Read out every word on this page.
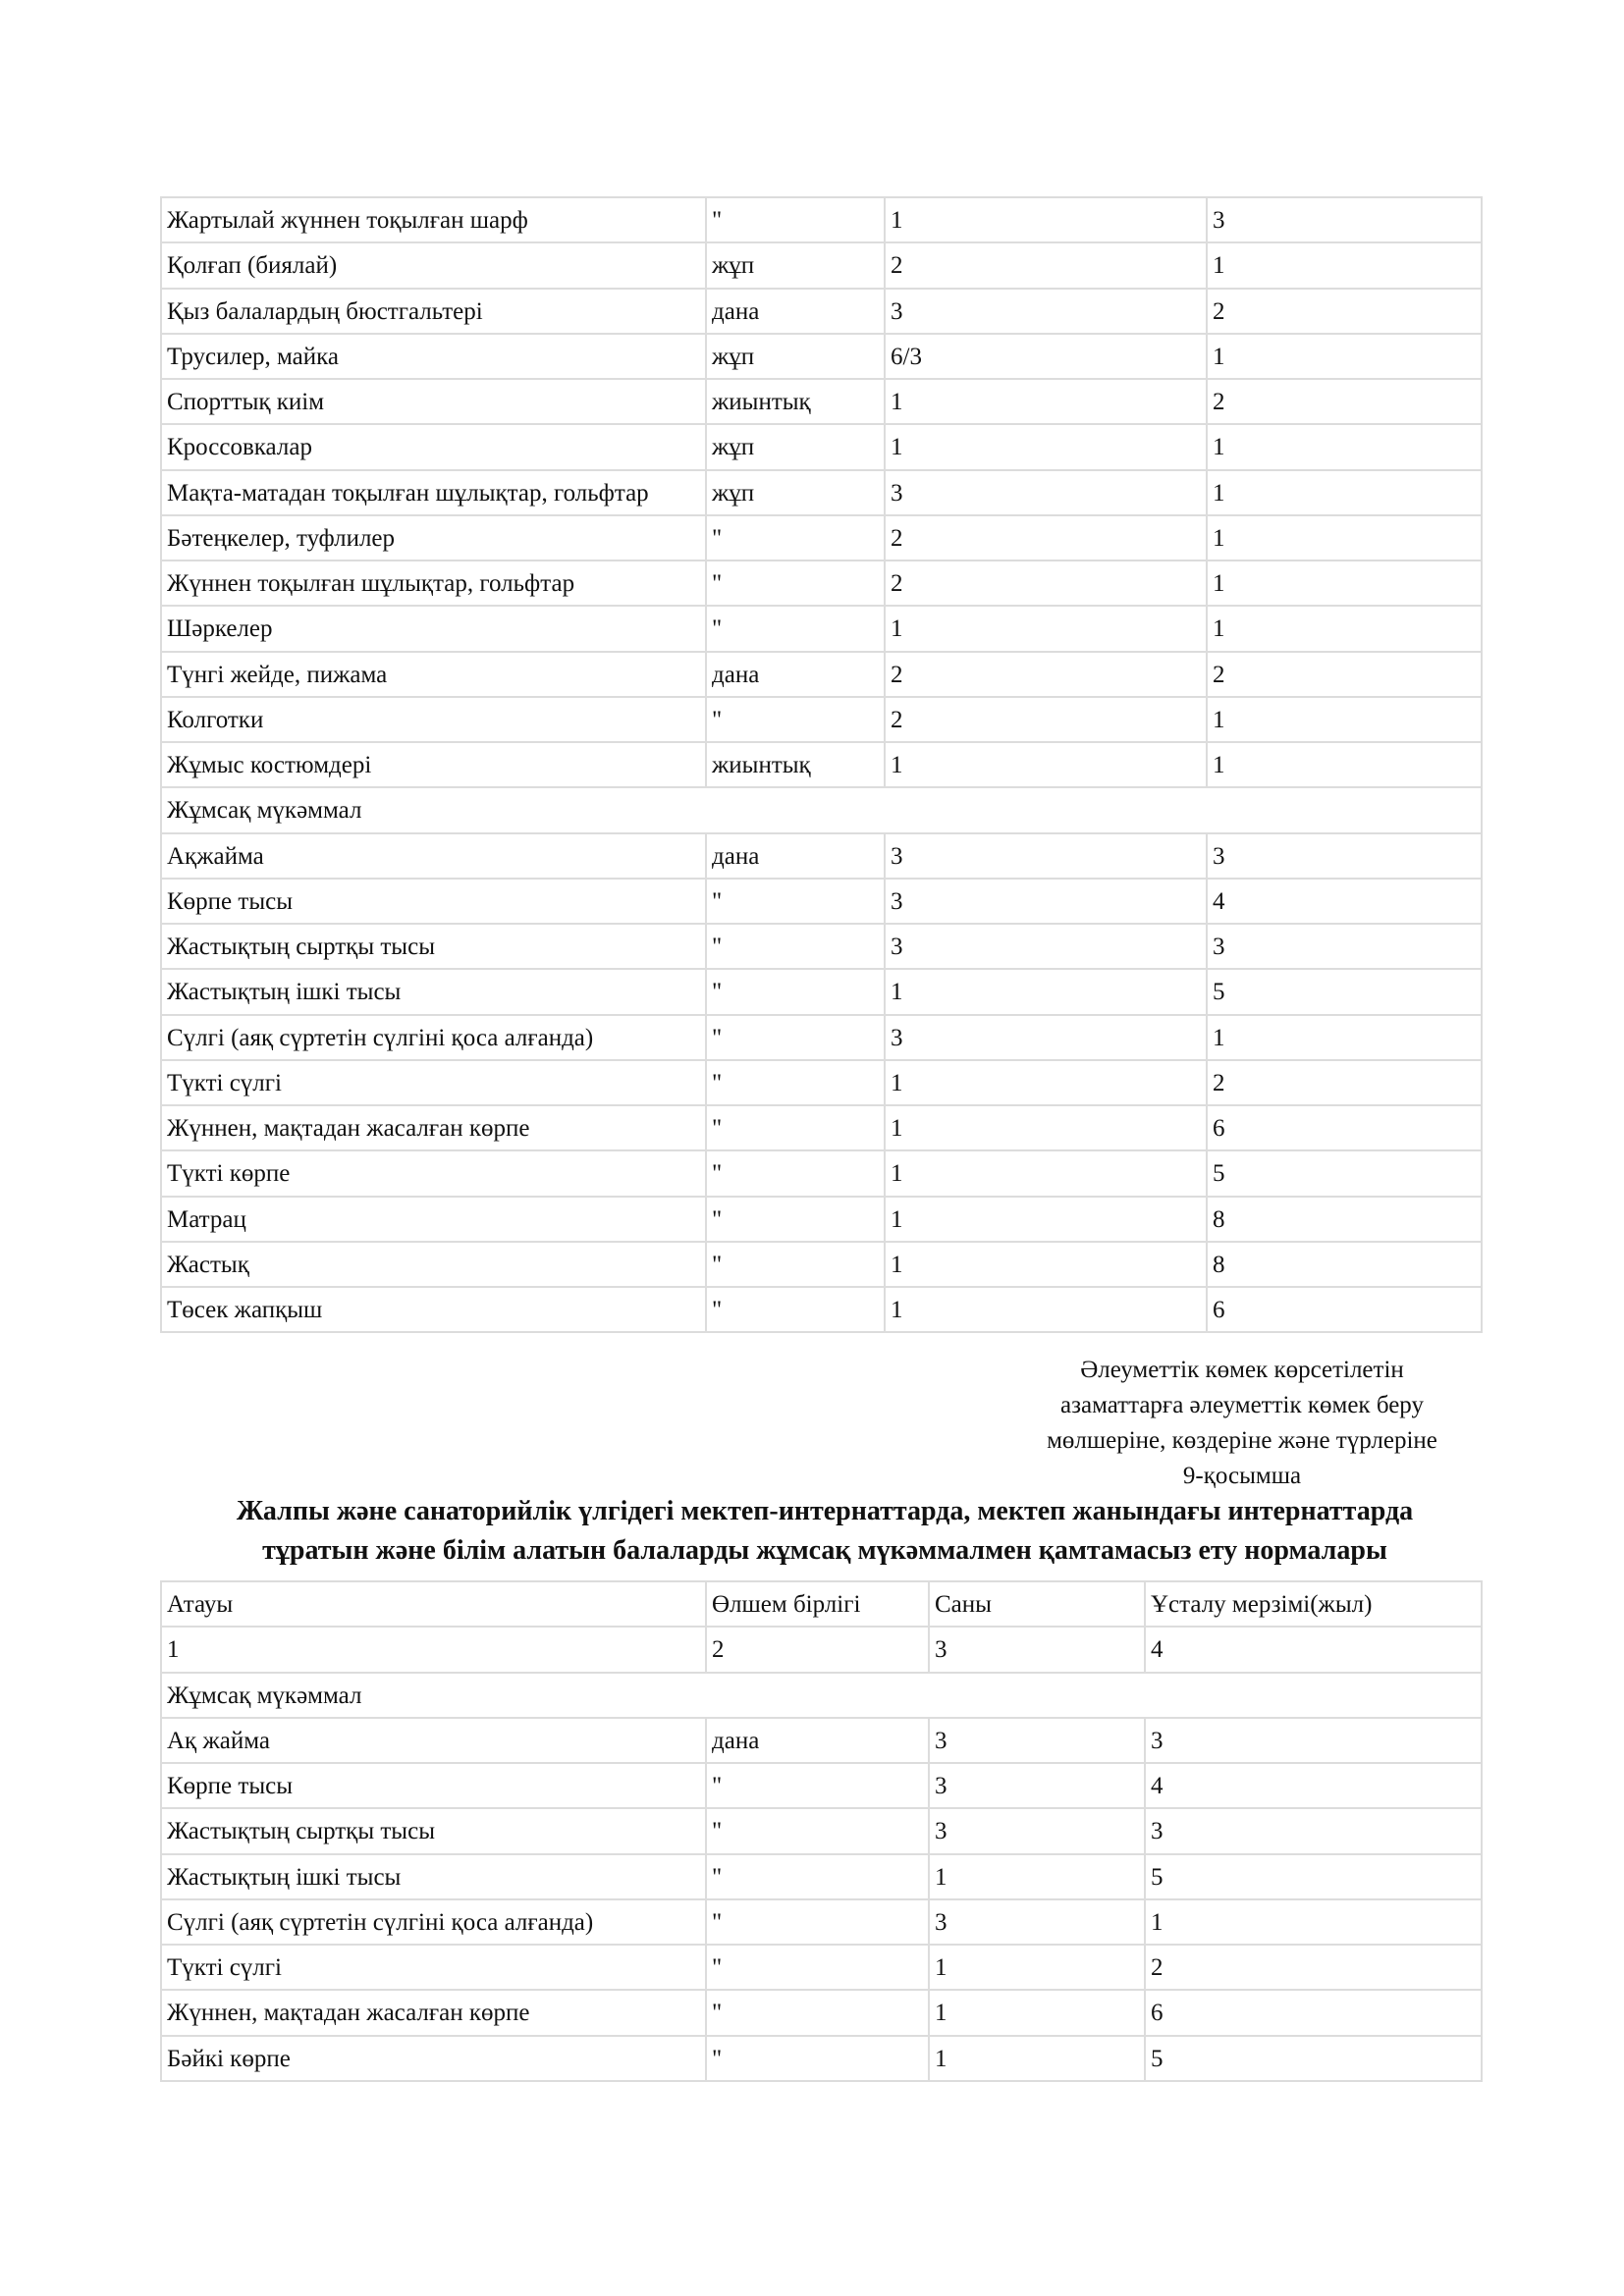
Жартылай жүннен тоқылған шарф	"	1	3
Қолғап (биялай)	жұп	2	1
Қыз балалардың бюстгальтері	дана	3	2
Трусилер, майка	жұп	6/3	1
Спорттық киім	жиынтық	1	2
Кроссовкалар	жұп	1	1
Мақта-матадан тоқылған шұлықтар, гольфтар	жұп	3	1
Бәтеңкелер, туфлилер	"	2	1
Жүннен тоқылған шұлықтар, гольфтар	"	2	1
Шәркелер	"	1	1
Түнгі жейде, пижама	дана	2	2
Колготки	"	2	1
Жұмыс костюмдері	жиынтық	1	1
Жұмсақ мүкәммал			
Ақжайма	дана	3	3
Көрпе тысы	"	3	4
Жастықтың сыртқы тысы	"	3	3
Жастықтың ішкі тысы	"	1	5
Сүлгі (аяқ сүртетін сүлгіні қоса алғанда)	"	3	1
Түкті сүлгі	"	1	2
Жүннен, мақтадан жасалған көрпе	"	1	6
Түкті көрпе	"	1	5
Матрац	"	1	8
Жастық	"	1	8
Төсек жапқыш	"	1	6
Әлеуметтік көмек көрсетілетін
азаматтарға әлеуметтік көмек беру
мөлшеріне, көздеріне және түрлеріне
9-қосымша
Жалпы және санаторийлік үлгідегі мектеп-интернаттарда, мектеп жанындағы интернаттарда
тұратын және білім алатын балаларды жұмсақ мүкәммалмен қамтамасыз ету нормалары
Атауы	Өлшем бірлігі	Саны	Ұсталу мерзімі(жыл)
1	2	3	4
Жұмсақ мүкәммал			
Ақ жайма	дана	3	3
Көрпе тысы	"	3	4
Жастықтың сыртқы тысы	"	3	3
Жастықтың ішкі тысы	"	1	5
Сүлгі (аяқ сүртетін сүлгіні қоса алғанда)	"	3	1
Түкті сүлгі	"	1	2
Жүннен, мақтадан жасалған көрпе	"	1	6
Бәйкі көрпе	"	1	5
